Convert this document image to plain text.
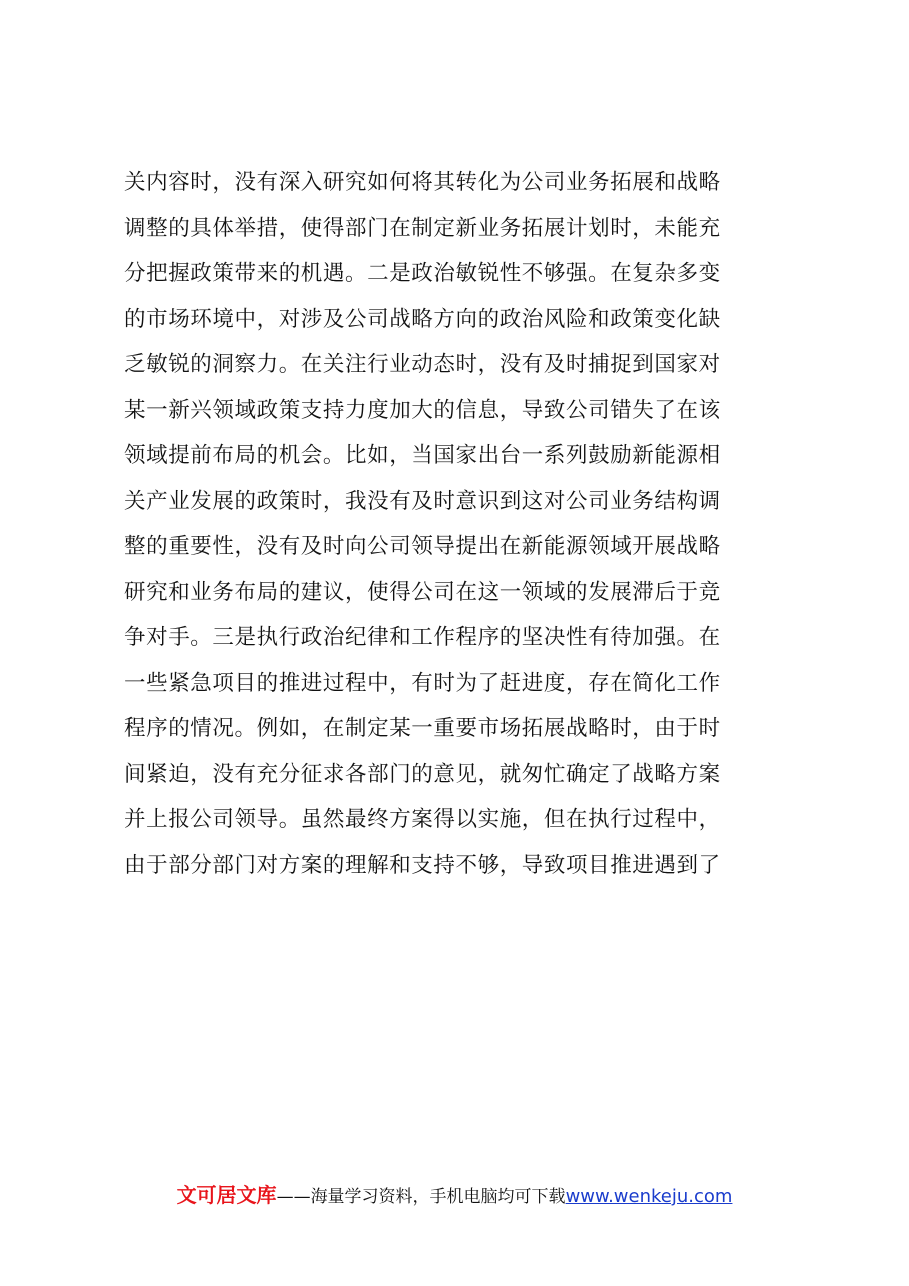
关内容时，没有深入研究如何将其转化为公司业务拓展和战略
调整的具体举措，使得部门在制定新业务拓展计划时，未能充
分把握政策带来的机遇。二是政治敏锐性不够强。在复杂多变
的市场环境中，对涉及公司战略方向的政治风险和政策变化缺
乏敏锐的洞察力。在关注行业动态时，没有及时捕捉到国家对
某一新兴领域政策支持力度加大的信息，导致公司错失了在该
领域提前布局的机会。比如，当国家出台一系列鼓励新能源相
关产业发展的政策时，我没有及时意识到这对公司业务结构调
整的重要性，没有及时向公司领导提出在新能源领域开展战略
研究和业务布局的建议，使得公司在这一领域的发展滞后于竞
争对手。三是执行政治纪律和工作程序的坚决性有待加强。在
一些紧急项目的推进过程中，有时为了赶进度，存在简化工作
程序的情况。例如，在制定某一重要市场拓展战略时，由于时
间紧迫，没有充分征求各部门的意见，就匆忙确定了战略方案
并上报公司领导。虽然最终方案得以实施，但在执行过程中，
由于部分部门对方案的理解和支持不够，导致项目推进遇到了
文可居文库——海量学习资料，手机电脑均可下载www.wenkeju.com
